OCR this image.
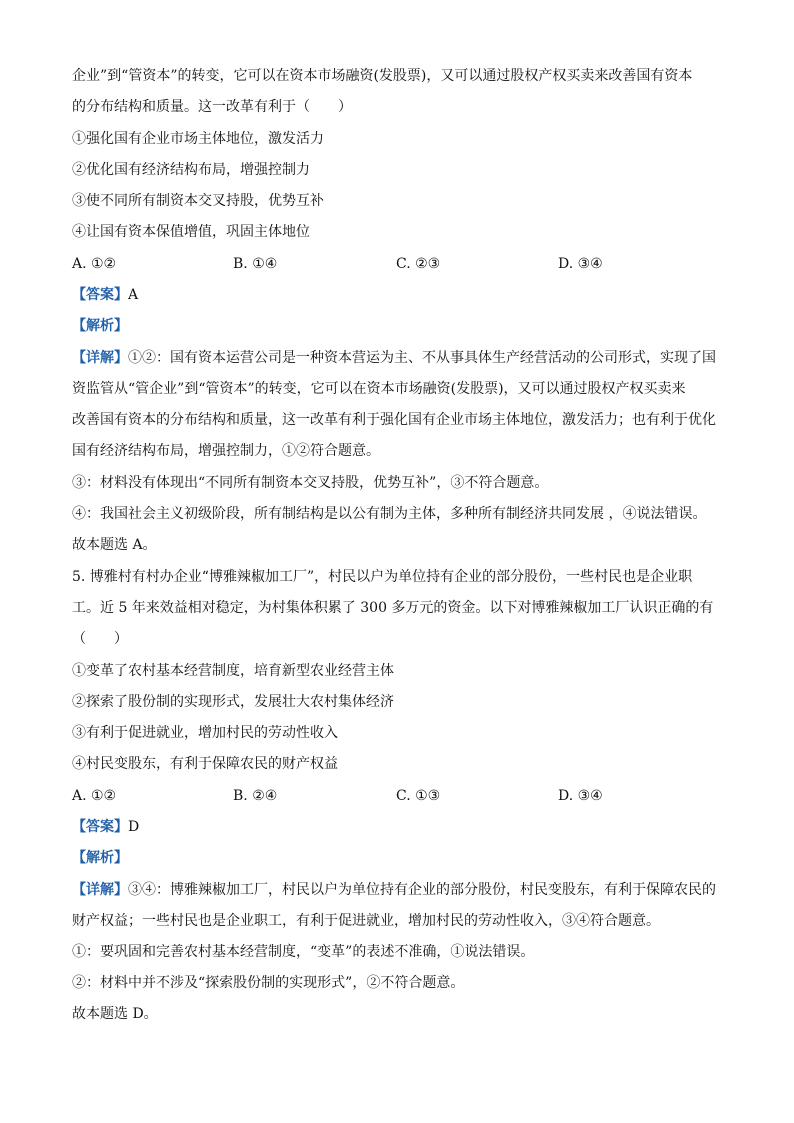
企业”到“管资本”的转变，它可以在资本市场融资(发股票)，又可以通过股权产权买卖来改善国有资本
的分布结构和质量。这一改革有利于（　　）
①强化国有企业市场主体地位，激发活力
②优化国有经济结构布局，增强控制力
③使不同所有制资本交叉持股，优势互补
④让国有资本保值增值，巩固主体地位
A. ①②	B. ①④	C. ②③	D. ③④
【答案】A
【解析】
【详解】①②：国有资本运营公司是一种资本营运为主、不从事具体生产经营活动的公司形式，实现了国
资监管从“管企业”到“管资本”的转变，它可以在资本市场融资(发股票)，又可以通过股权产权买卖来
改善国有资本的分布结构和质量，这一改革有利于强化国有企业市场主体地位，激发活力；也有利于优化
国有经济结构布局，增强控制力，①②符合题意。
③：材料没有体现出“不同所有制资本交叉持股，优势互补”，③不符合题意。
④：我国社会主义初级阶段，所有制结构是以公有制为主体，多种所有制经济共同发展 ，④说法错误。
故本题选 A。
5. 博雅村有村办企业“博雅辣椒加工厂”，村民以户为单位持有企业的部分股份，一些村民也是企业职
工。近 5 年来效益相对稳定，为村集体积累了 300 多万元的资金。以下对博雅辣椒加工厂认识正确的有
（　　）
①变革了农村基本经营制度，培育新型农业经营主体
②探索了股份制的实现形式，发展壮大农村集体经济
③有利于促进就业，增加村民的劳动性收入
④村民变股东，有利于保障农民的财产权益
A. ①②	B. ②④	C. ①③	D. ③④
【答案】D
【解析】
【详解】③④：博雅辣椒加工厂，村民以户为单位持有企业的部分股份，村民变股东，有利于保障农民的
财产权益；一些村民也是企业职工，有利于促进就业，增加村民的劳动性收入，③④符合题意。
①：要巩固和完善农村基本经营制度，“变革”的表述不准确，①说法错误。
②：材料中并不涉及“探索股份制的实现形式”，②不符合题意。
故本题选 D。
